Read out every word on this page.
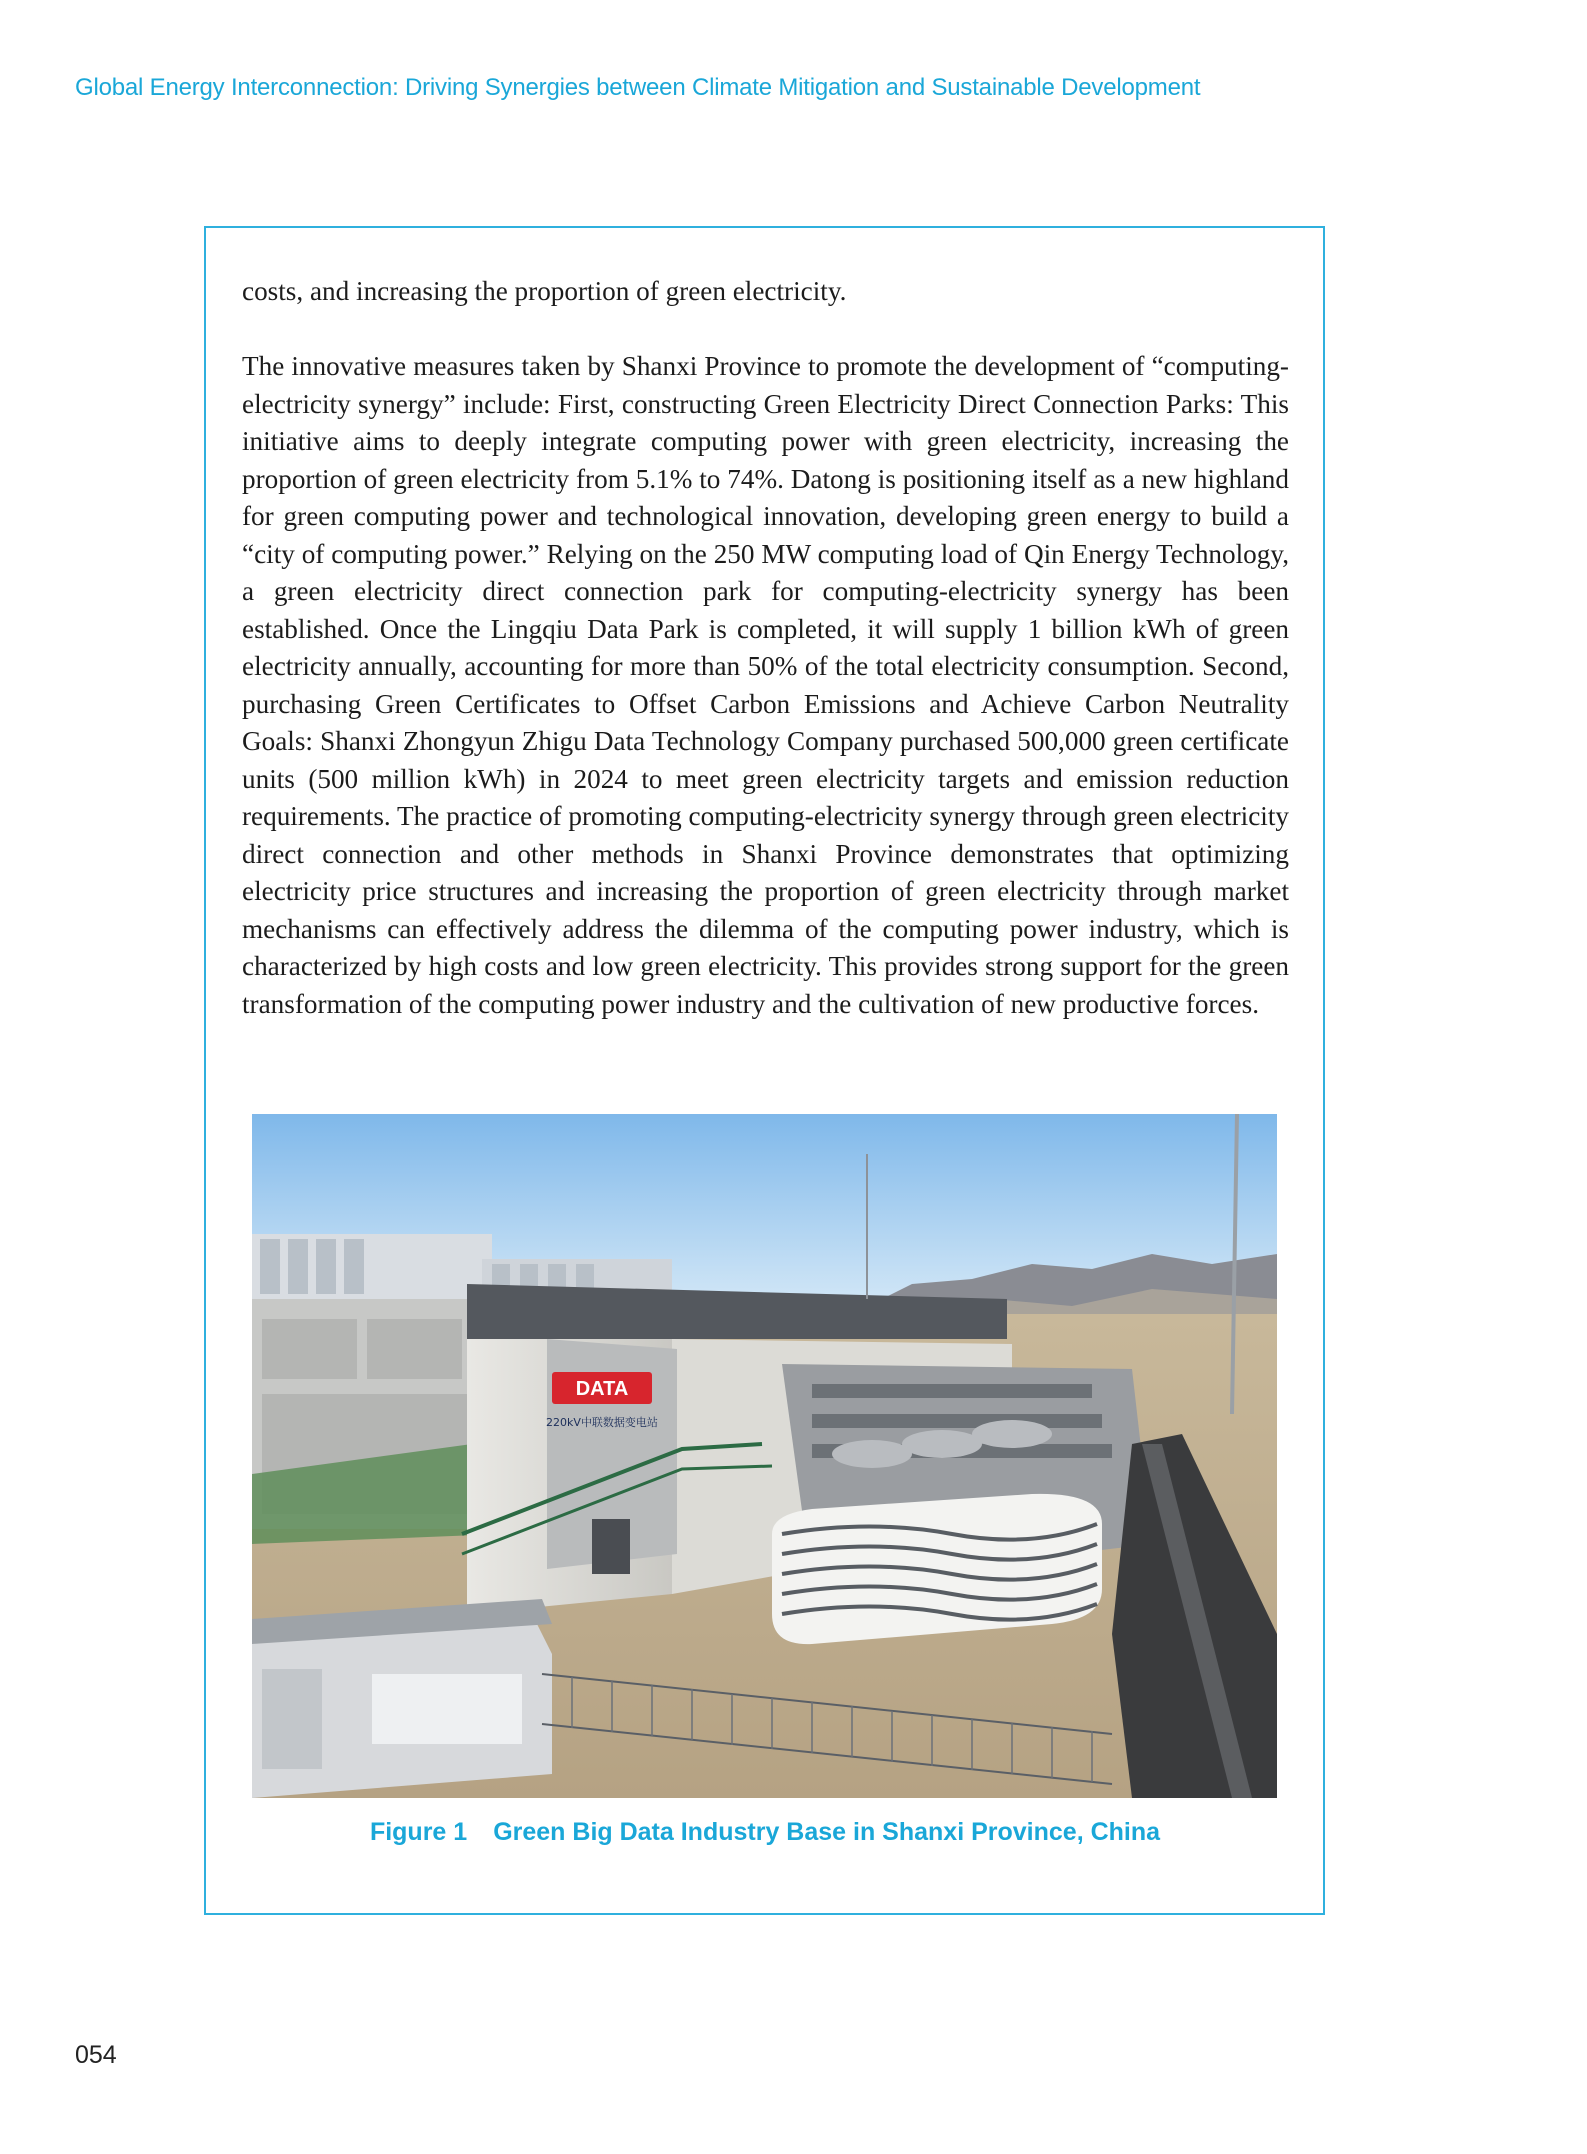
Global Energy Interconnection: Driving Synergies between Climate Mitigation and Sustainable Development

costs, and increasing the proportion of green electricity.

The innovative measures taken by Shanxi Province to promote the development of “computing-electricity synergy” include: First, constructing Green Electricity Direct Connection Parks: This initiative aims to deeply integrate computing power with green electricity, increasing the proportion of green electricity from 5.1% to 74%. Datong is positioning itself as a new highland for green computing power and technological innovation, developing green energy to build a “city of computing power.” Relying on the 250 MW computing load of Qin Energy Technology, a green electricity direct connection park for computing-electricity synergy has been established. Once the Lingqiu Data Park is completed, it will supply 1 billion kWh of green electricity annually, accounting for more than 50% of the total electricity consumption. Second, purchasing Green Certificates to Offset Carbon Emissions and Achieve Carbon Neutrality Goals: Shanxi Zhongyun Zhigu Data Technology Company purchased 500,000 green certificate units (500 million kWh) in 2024 to meet green electricity targets and emission reduction requirements. The practice of promoting computing-electricity synergy through green electricity direct connection and other methods in Shanxi Province demonstrates that optimizing electricity price structures and increasing the proportion of green electricity through market mechanisms can effectively address the dilemma of the computing power industry, which is characterized by high costs and low green electricity. This provides strong support for the green transformation of the computing power industry and the cultivation of new productive forces.

DATA
220kV中联数据变电站
Figure 1 Green Big Data Industry Base in Shanxi Province, China
054
